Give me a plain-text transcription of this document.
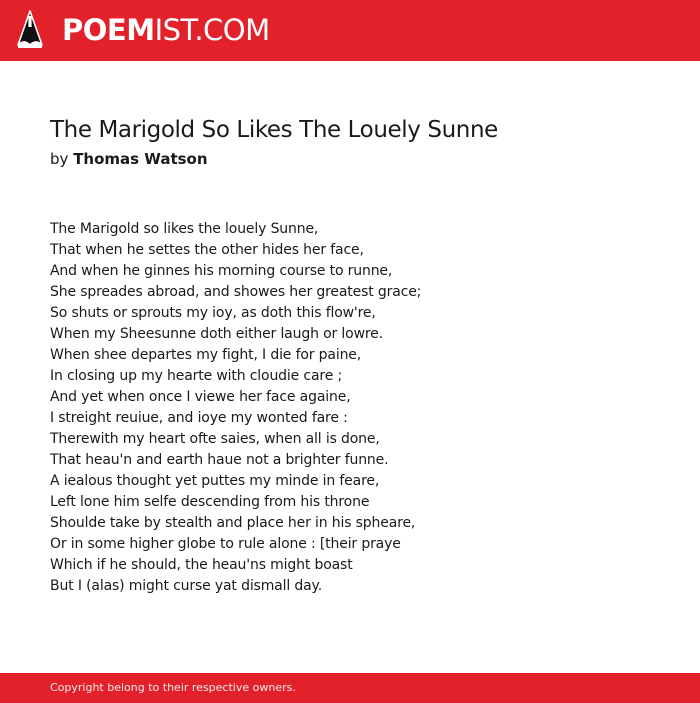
POEMIST.COM
The Marigold So Likes The Louely Sunne
by Thomas Watson
The Marigold so likes the louely Sunne,
That when he settes the other hides her face,
And when he ginnes his morning course to runne,
She spreades abroad, and showes her greatest grace;
So shuts or sprouts my ioy, as doth this flow're,
When my Sheesunne doth either laugh or lowre.
When shee departes my fight, I die for paine,
In closing up my hearte with cloudie care ;
And yet when once I viewe her face againe,
I streight reuiue, and ioye my wonted fare :
Therewith my heart ofte saies, when all is done,
That heau'n and earth haue not a brighter funne.
A iealous thought yet puttes my minde in feare,
Left lone him selfe descending from his throne
Shoulde take by stealth and place her in his spheare,
Or in some higher globe to rule alone : [their praye
Which if he should, the heau'ns might boast
But I (alas) might curse yat dismall day.
Copyright belong to their respective owners.
